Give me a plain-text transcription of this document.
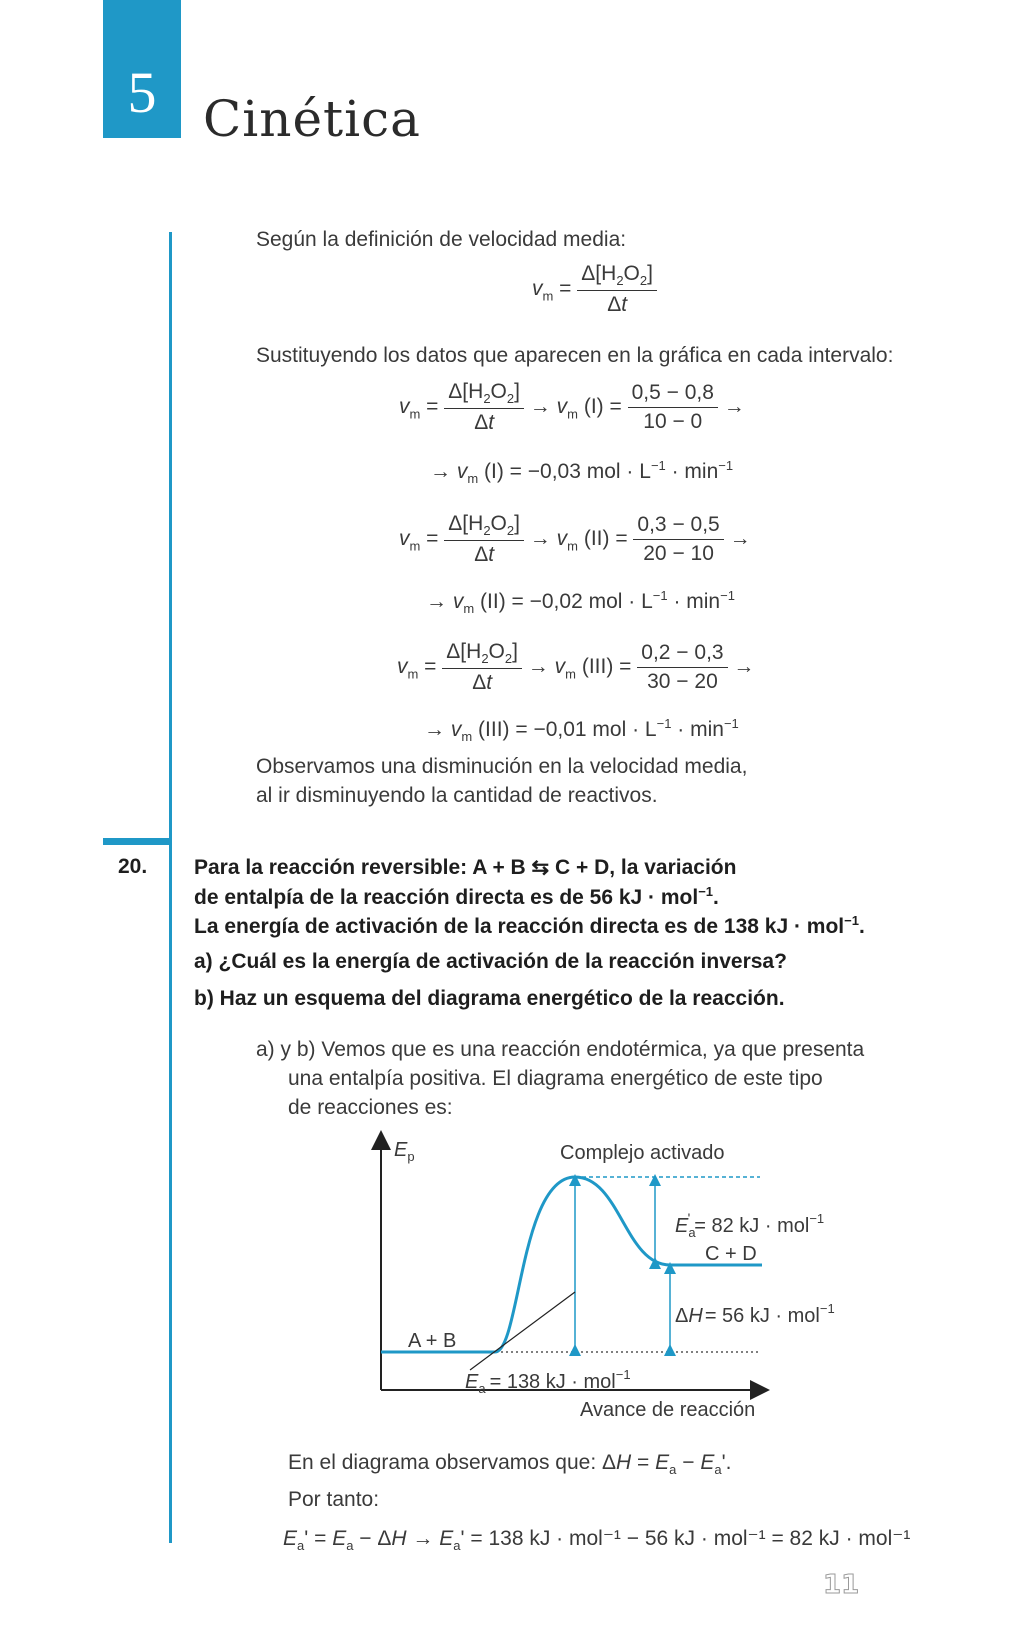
5 Cinética
Según la definición de velocidad media:
$v_m = \frac{\Delta[H_2O_2]}{\Delta t}$
Sustituyendo los datos que aparecen en la gráfica en cada intervalo:
$v_m = \frac{\Delta[H_2O_2]}{\Delta t} \to v_m$ $(I) = \frac{0,5 - 0,8}{10 - 0}$ →
→ $v_m$ (I) = −0,03 mol · $L^{-1} \cdot \min^{-1}$
$v_m = \frac{\Delta[H_2O_2]}{\Delta t} \to v_m$ $(II) = \frac{0,3 - 0,5}{20 - 10}$ →
→ $v_m$ (II) = −0,02 mol · $L^{-1} \cdot \min^{-1}$
$v_m = \frac{\Delta[H_2O_2]}{\Delta t} \to v_m$ $(III) = \frac{0,2 - 0,3}{30 - 20}$ →
→ $v_m$ (III) = −0,01 mol · $L^{-1} \cdot \min^{-1}$
Observamos una disminución en la velocidad media,
al ir disminuyendo la cantidad de reactivos.
20. Para la reacción reversible: A + B ⇆ C + D, la variación
de entalpía de la reacción directa es de 56 kJ · mol$^{-1}$.
La energía de activación de la reacción directa es de 138 kJ · mol$^{-1}$.
a) ¿Cuál es la energía de activación de la reacción inversa?
b) Haz un esquema del diagrama energético de la reacción.
a) y b) Vemos que es una reacción endotérmica, ya que presenta
una entalpía positiva. El diagrama energético de este tipo
de reacciones es:
$E_p$	Complejo activado
$E_a' = 82$ kJ · mol$^{-1}$
C + D
ΔH = 56 kJ · mol$^{-1}$
A + B
$E_a = 138$ kJ · mol$^{-1}$
Avance de reacción
En el diagrama observamos que: $\Delta H = E_a - E_a'$.
Por tanto:
$E_a' = E_a - \Delta H \to E_a' = 138$ kJ · mol⁻¹ − 56 kJ · mol⁻¹ = 82 kJ · mol⁻¹
11
